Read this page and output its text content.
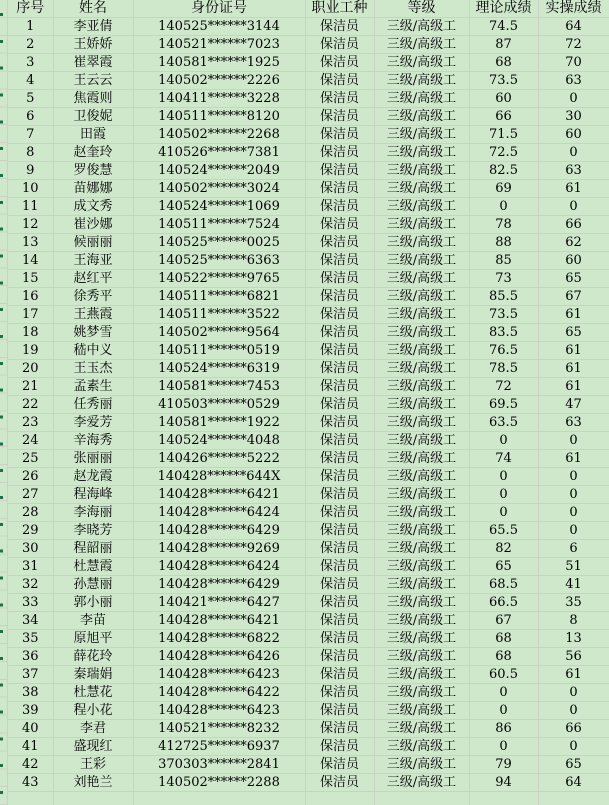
序号	姓名	身份证号	职业工种	等级	理论成绩	实操成绩
1	李亚倩	140525******3144	保洁员	三级/高级工	74.5	64
2	王娇娇	140521******7023	保洁员	三级/高级工	87	72
3	崔翠霞	140581******1925	保洁员	三级/高级工	68	70
4	王云云	140502******2226	保洁员	三级/高级工	73.5	63
5	焦霞则	140411******3228	保洁员	三级/高级工	60	0
6	卫俊妮	140511******8120	保洁员	三级/高级工	66	30
7	田霞	140502******2268	保洁员	三级/高级工	71.5	60
8	赵奎玲	410526******7381	保洁员	三级/高级工	72.5	0
9	罗俊慧	140524******2049	保洁员	三级/高级工	82.5	63
10	苗娜娜	140502******3024	保洁员	三级/高级工	69	61
11	成文秀	140524******1069	保洁员	三级/高级工	0	0
12	崔沙娜	140511******7524	保洁员	三级/高级工	78	66
13	候丽丽	140525******0025	保洁员	三级/高级工	88	62
14	王海亚	140525******6363	保洁员	三级/高级工	85	60
15	赵红平	140522******9765	保洁员	三级/高级工	73	65
16	徐秀平	140511******6821	保洁员	三级/高级工	85.5	67
17	王燕霞	140511******3522	保洁员	三级/高级工	73.5	61
18	姚梦雪	140502******9564	保洁员	三级/高级工	83.5	65
19	嵇中义	140511******0519	保洁员	三级/高级工	76.5	61
20	王玉杰	140524******6319	保洁员	三级/高级工	78.5	61
21	孟素生	140581******7453	保洁员	三级/高级工	72	61
22	任秀丽	410503******0529	保洁员	三级/高级工	69.5	47
23	李爱芳	140581******1922	保洁员	三级/高级工	63.5	63
24	辛海秀	140524******4048	保洁员	三级/高级工	0	0
25	张丽丽	140426******5222	保洁员	三级/高级工	74	61
26	赵龙霞	140428******644X	保洁员	三级/高级工	0	0
27	程海峰	140428******6421	保洁员	三级/高级工	0	0
28	李海丽	140428******6424	保洁员	三级/高级工	0	0
29	李晓芳	140428******6429	保洁员	三级/高级工	65.5	0
30	程韶丽	140428******9269	保洁员	三级/高级工	82	6
31	杜慧霞	140428******6424	保洁员	三级/高级工	65	51
32	孙慧丽	140428******6429	保洁员	三级/高级工	68.5	41
33	郭小丽	140421******6427	保洁员	三级/高级工	66.5	35
34	李苗	140428******6421	保洁员	三级/高级工	67	8
35	原旭平	140428******6822	保洁员	三级/高级工	68	13
36	薛花玲	140428******6426	保洁员	三级/高级工	68	56
37	秦瑞娟	140428******6423	保洁员	三级/高级工	60.5	61
38	杜慧花	140428******6422	保洁员	三级/高级工	0	0
39	程小花	140428******6423	保洁员	三级/高级工	0	0
40	李君	140521******8232	保洁员	三级/高级工	86	66
41	盛现红	412725******6937	保洁员	三级/高级工	0	0
42	王彩	370303******2841	保洁员	三级/高级工	79	65
43	刘艳兰	140502******2288	保洁员	三级/高级工	94	64
